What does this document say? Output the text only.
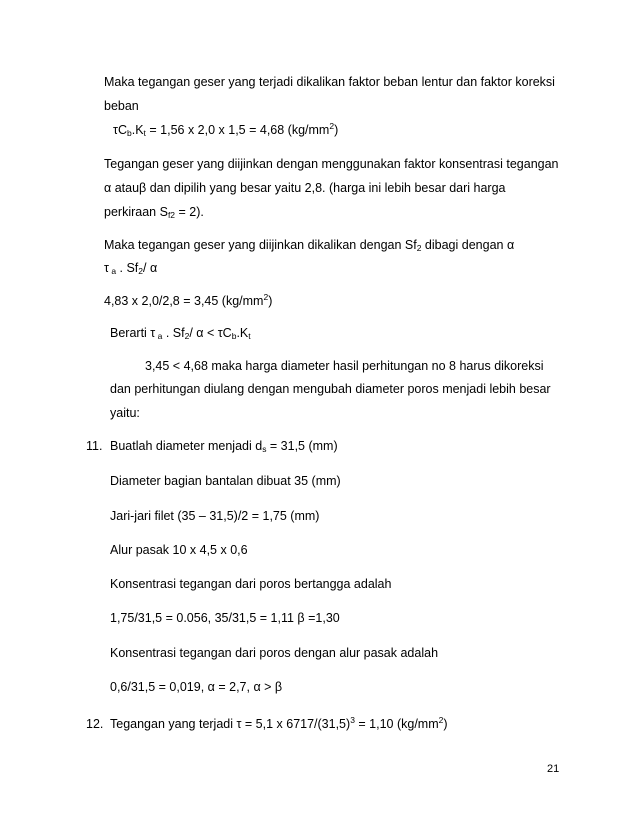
Maka tegangan geser yang terjadi dikalikan faktor beban lentur dan faktor koreksi
beban
$\tau C_b.K_t = 1,56$ x 2,0 x 1,5 = 4,68 $(kg/mm^2)$
Tegangan geser yang diijinkan dengan menggunakan faktor konsentrasi tegangan
α atauβ dan dipilih yang besar yaitu 2,8. (harga ini lebih besar dari harga
perkiraan $S_{f2} = 2$).
Maka tegangan geser yang diijinkan dikalikan dengan $Sf_2$ dibagi dengan α
τ $_a$ . $Sf_2/$ α
4,83 x 2,0/2,8 = 3,45 $(kg/mm^2)$
Berarti τ $_a$ . $Sf_2/$ $\alpha < \tau C_b.K_t$
3,45 < 4,68 maka harga diameter hasil perhitungan no 8 harus dikoreksi
dan perhitungan diulang dengan mengubah diameter poros menjadi lebih besar
yaitu:
11. Buatlah diameter menjadi $d_s = 31,5$ (mm)
Diameter bagian bantalan dibuat 35 (mm)
Jari-jari filet (35 – 31,5)/2 = 1,75 (mm)
Alur pasak 10 x 4,5 x 0,6
Konsentrasi tegangan dari poros bertangga adalah
1,75/31,5 = 0.056, 35/31,5 = 1,11 β =1,30
Konsentrasi tegangan dari poros dengan alur pasak adalah
0,6/31,5 = 0,019, α = 2,7, α > β
12. Tegangan yang terjadi τ = 5,1 x $6717/(31,5)^3 = 1,10$ $(kg/mm^2)$
21
